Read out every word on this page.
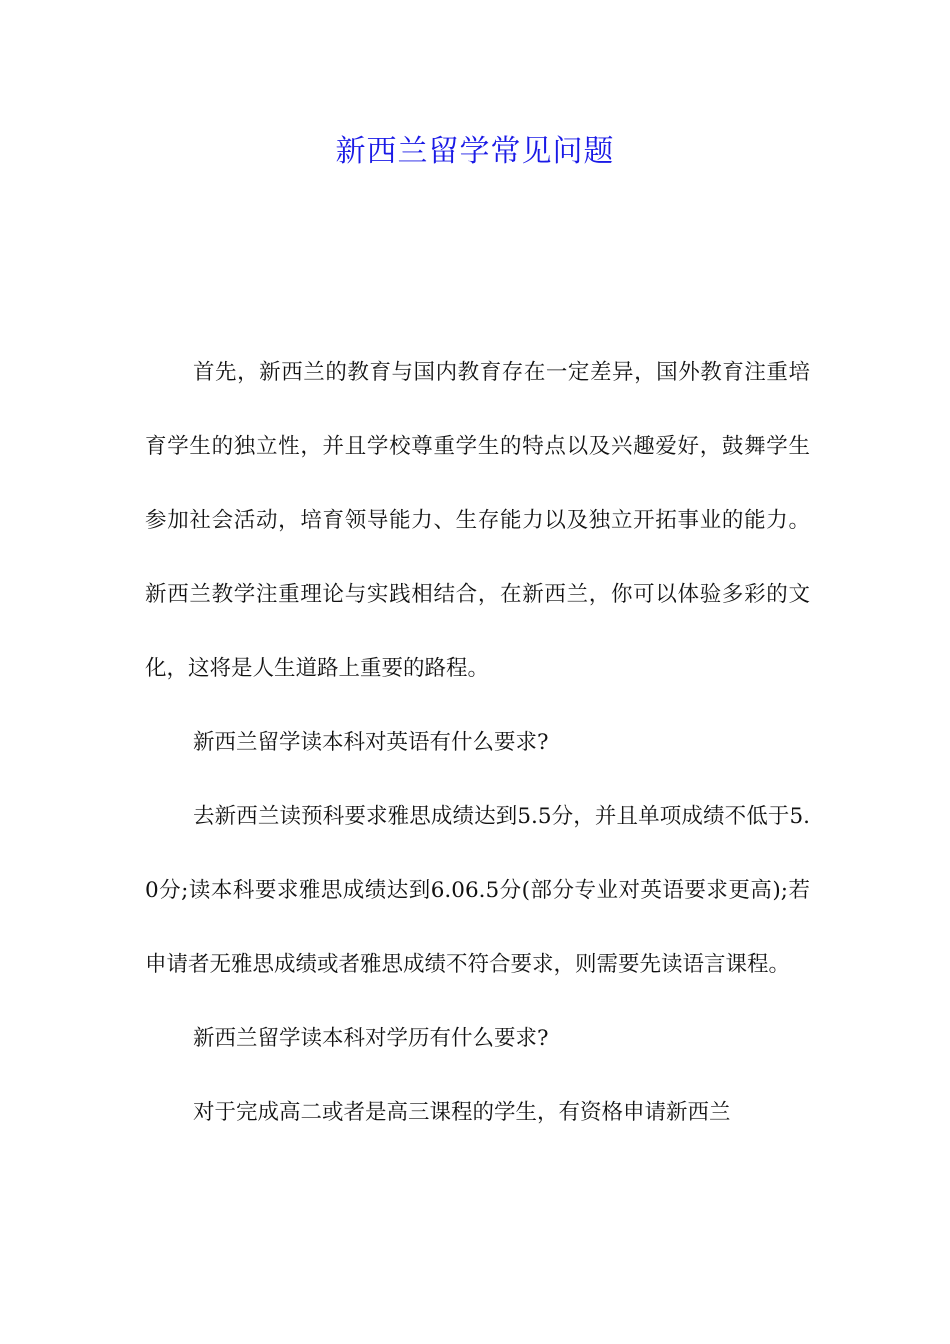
新西兰留学常见问题

首先，新西兰的教育与国内教育存在一定差异，国外教育注重培育学生的独立性，并且学校尊重学生的特点以及兴趣爱好，鼓舞学生参加社会活动，培育领导能力、生存能力以及独立开拓事业的能力。新西兰教学注重理论与实践相结合，在新西兰，你可以体验多彩的文化，这将是人生道路上重要的路程。

新西兰留学读本科对英语有什么要求?

去新西兰读预科要求雅思成绩达到5.5分，并且单项成绩不低于5.0分;读本科要求雅思成绩达到6.06.5分(部分专业对英语要求更高);若申请者无雅思成绩或者雅思成绩不符合要求，则需要先读语言课程。

新西兰留学读本科对学历有什么要求?

对于完成高二或者是高三课程的学生，有资格申请新西兰
